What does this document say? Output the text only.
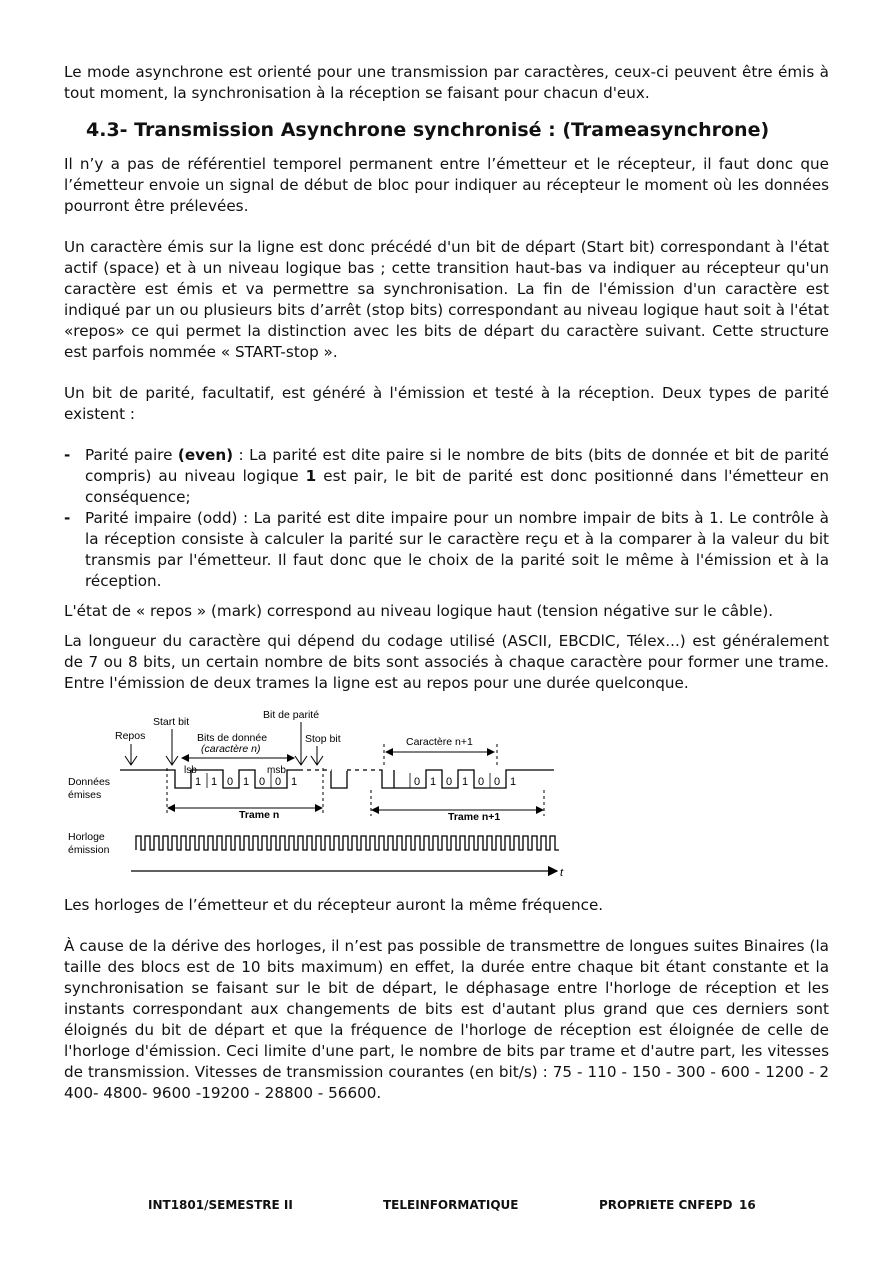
Le mode asynchrone est orienté pour une transmission par caractères, ceux-ci peuvent être émis à tout moment, la synchronisation à la réception se faisant pour chacun d'eux.

4.3- Transmission Asynchrone synchronisé : (Trameasynchrone)

Il n’y a pas de référentiel temporel permanent entre l’émetteur et le récepteur, il faut donc que l’émetteur envoie un signal de début de bloc pour indiquer au récepteur le moment où les données pourront être prélevées.

Un caractère émis sur la ligne est donc précédé d'un bit de départ (Start bit) correspondant à l'état actif (space) et à un niveau logique bas ; cette transition haut-bas va indiquer au récepteur qu'un caractère est émis et va permettre sa synchronisation. La fin de l'émission d'un caractère est indiqué par un ou plusieurs bits d’arrêt (stop bits) correspondant au niveau logique haut soit à l'état «repos» ce qui permet la distinction avec les bits de départ du caractère suivant. Cette structure est parfois nommée « START-stop ».

Un bit de parité, facultatif, est généré à l'émission et testé à la réception. Deux types de parité existent :

- Parité paire (even) : La parité est dite paire si le nombre de bits (bits de donnée et bit de parité compris) au niveau logique 1 est pair, le bit de parité est donc positionné dans l'émetteur en conséquence;
- Parité impaire (odd) : La parité est dite impaire pour un nombre impair de bits à 1. Le contrôle à la réception consiste à calculer la parité sur le caractère reçu et à la comparer à la valeur du bit transmis par l'émetteur. Il faut donc que le choix de la parité soit le même à l'émission et à la réception.

L'état de « repos » (mark) correspond au niveau logique haut (tension négative sur le câble).

La longueur du caractère qui dépend du codage utilisé (ASCII, EBCDlC, Télex...) est généralement de 7 ou 8 bits, un certain nombre de bits sont associés à chaque caractère pour former une trame. Entre l'émission de deux trames la ligne est au repos pour une durée quelconque.

Repos
Start bit
Bits de donnée
(caractère n)
Bit de parité
Stop bit	Caractère n+1
lsb	msb
Données
émises
Horloge
émission
1 1 0 1 0 0 1	0 1 0 1 0 0 1
Trame n	Trame n+1
t

Les horloges de l’émetteur et du récepteur auront la même fréquence.

À cause de la dérive des horloges, il n’est pas possible de transmettre de longues suites Binaires (la taille des blocs est de 10 bits maximum) en effet, la durée entre chaque bit étant constante et la synchronisation se faisant sur le bit de départ, le déphasage entre l'horloge de réception et les instants correspondant aux changements de bits est d'autant plus grand que ces derniers sont éloignés du bit de départ et que la fréquence de l'horloge de réception est éloignée de celle de l'horloge d'émission. Ceci limite d'une part, le nombre de bits par trame et d'autre part, les vitesses de transmission. Vitesses de transmission courantes (en bit/s) : 75 - 110 - 150 - 300 - 600 - 1200 - 2 400- 4800- 9600 -19200 - 28800 - 56600.

INT1801/SEMESTRE II	TELEINFORMATIQUE	PROPRIETE CNFEPD 16
